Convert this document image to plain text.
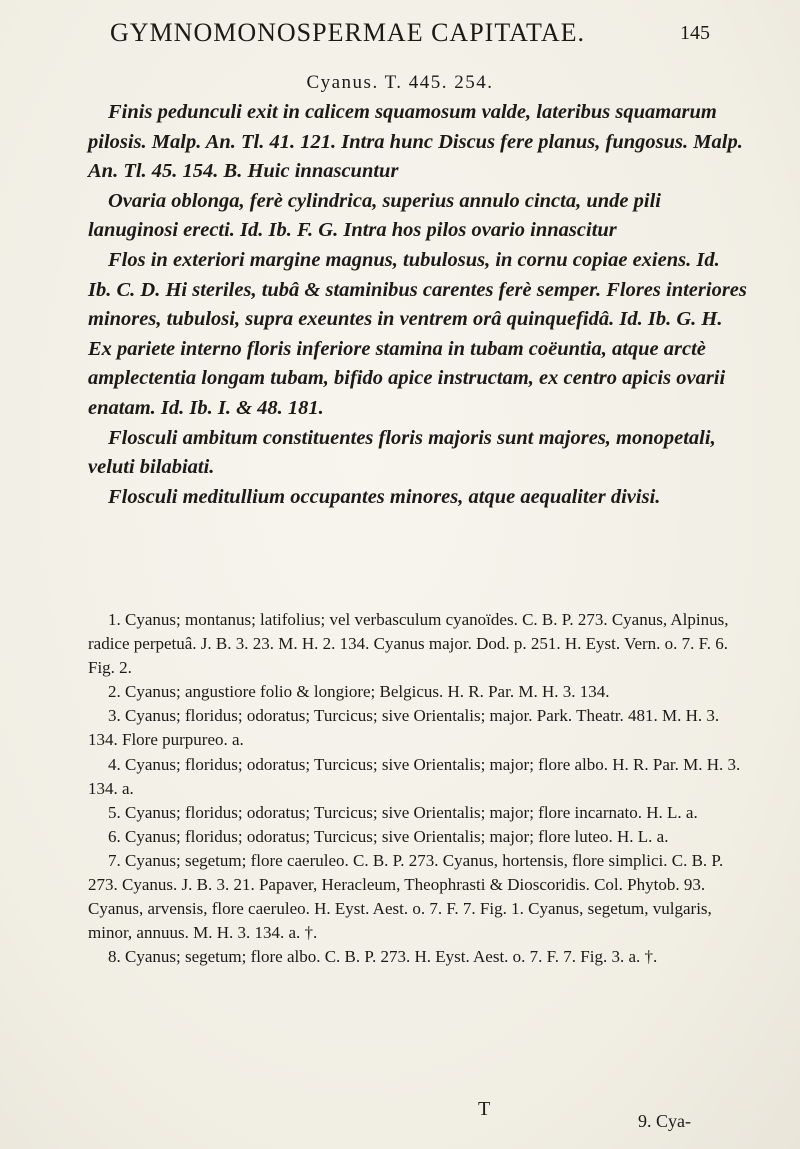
GYMNOMONOSPERMAE CAPITATAE.	145
Cyanus. T. 445. 254.

Finis pedunculi exit in calicem squamosum valde, lateribus squamarum pilosis. Malp. An. Tl. 41. 121. Intra hunc Discus fere planus, fungosus. Malp. An. Tl. 45. 154. B. Huic innascuntur

Ovaria oblonga, ferè cylindrica, superius annulo cincta, unde pili lanuginosi erecti. Id. Ib. F. G. Intra hos pilos ovario innascitur

Flos in exteriori margine magnus, tubulosus, in cornu copiae exiens. Id. Ib. C. D. Hi steriles, tubâ & staminibus carentes ferè semper. Flores interiores minores, tubulosi, supra exeuntes in ventrem orâ quinquefidâ. Id. Ib. G. H. Ex pariete interno floris inferiore stamina in tubam coëuntia, atque arctè amplectentia longam tubam, bifido apice instructam, ex centro apicis ovarii enatam. Id. Ib. I. & 48. 181.

Flosculi ambitum constituentes floris majoris sunt majores, monopetali, veluti bilabiati.

Flosculi meditullium occupantes minores, atque aequaliter divisi.

1. Cyanus; montanus; latifolius; vel verbasculum cyanoïdes. C. B. P. 273. Cyanus, Alpinus, radice perpetuâ. J. B. 3. 23. M. H. 2. 134. Cyanus major. Dod. p. 251. H. Eyst. Vern. o. 7. F. 6. Fig. 2.

2. Cyanus; angustiore folio & longiore; Belgicus. H. R. Par. M. H. 3. 134.

3. Cyanus; floridus; odoratus; Turcicus; sive Orientalis; major. Park. Theatr. 481. M. H. 3. 134. Flore purpureo. a.

4. Cyanus; floridus; odoratus; Turcicus; sive Orientalis; major; flore albo. H. R. Par. M. H. 3. 134. a.

5. Cyanus; floridus; odoratus; Turcicus; sive Orientalis; major; flore incarnato. H. L. a.

6. Cyanus; floridus; odoratus; Turcicus; sive Orientalis; major; flore luteo. H. L. a.

7. Cyanus; segetum; flore caeruleo. C. B. P. 273. Cyanus, hortensis, flore simplici. C. B. P. 273. Cyanus. J. B. 3. 21. Papaver, Heracleum, Theophrasti & Dioscoridis. Col. Phytob. 93. Cyanus, arvensis, flore caeruleo. H. Eyst. Aest. o. 7. F. 7. Fig. 1. Cyanus, segetum, vulgaris, minor, annuus. M. H. 3. 134. a. †.

8. Cyanus; segetum; flore albo. C. B. P. 273. H. Eyst. Aest. o. 7. F. 7. Fig. 3. a. †.

T
9. Cya-
